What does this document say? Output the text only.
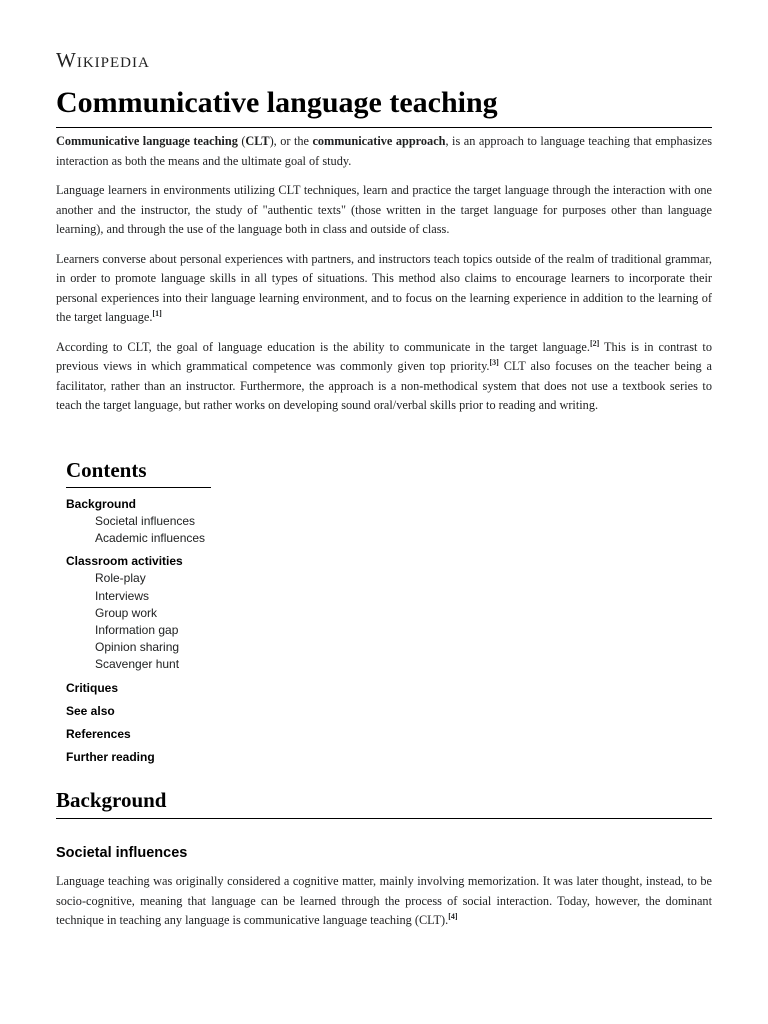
Wikipedia
Communicative language teaching

Communicative language teaching (CLT), or the communicative approach, is an approach to language teaching that emphasizes interaction as both the means and the ultimate goal of study.

Language learners in environments utilizing CLT techniques, learn and practice the target language through the interaction with one another and the instructor, the study of "authentic texts" (those written in the target language for purposes other than language learning), and through the use of the language both in class and outside of class.

Learners converse about personal experiences with partners, and instructors teach topics outside of the realm of traditional grammar, in order to promote language skills in all types of situations. This method also claims to encourage learners to incorporate their personal experiences into their language learning environment, and to focus on the learning experience in addition to the learning of the target language.[1]

According to CLT, the goal of language education is the ability to communicate in the target language.[2] This is in contrast to previous views in which grammatical competence was commonly given top priority.[3] CLT also focuses on the teacher being a facilitator, rather than an instructor. Furthermore, the approach is a non-methodical system that does not use a textbook series to teach the target language, but rather works on developing sound oral/verbal skills prior to reading and writing.

Contents
Background
Societal influences
Academic influences
Classroom activities
Role-play
Interviews
Group work
Information gap
Opinion sharing
Scavenger hunt
Critiques
See also
References
Further reading
Background
Societal influences

Language teaching was originally considered a cognitive matter, mainly involving memorization. It was later thought, instead, to be socio-cognitive, meaning that language can be learned through the process of social interaction. Today, however, the dominant technique in teaching any language is communicative language teaching (CLT).[4]
